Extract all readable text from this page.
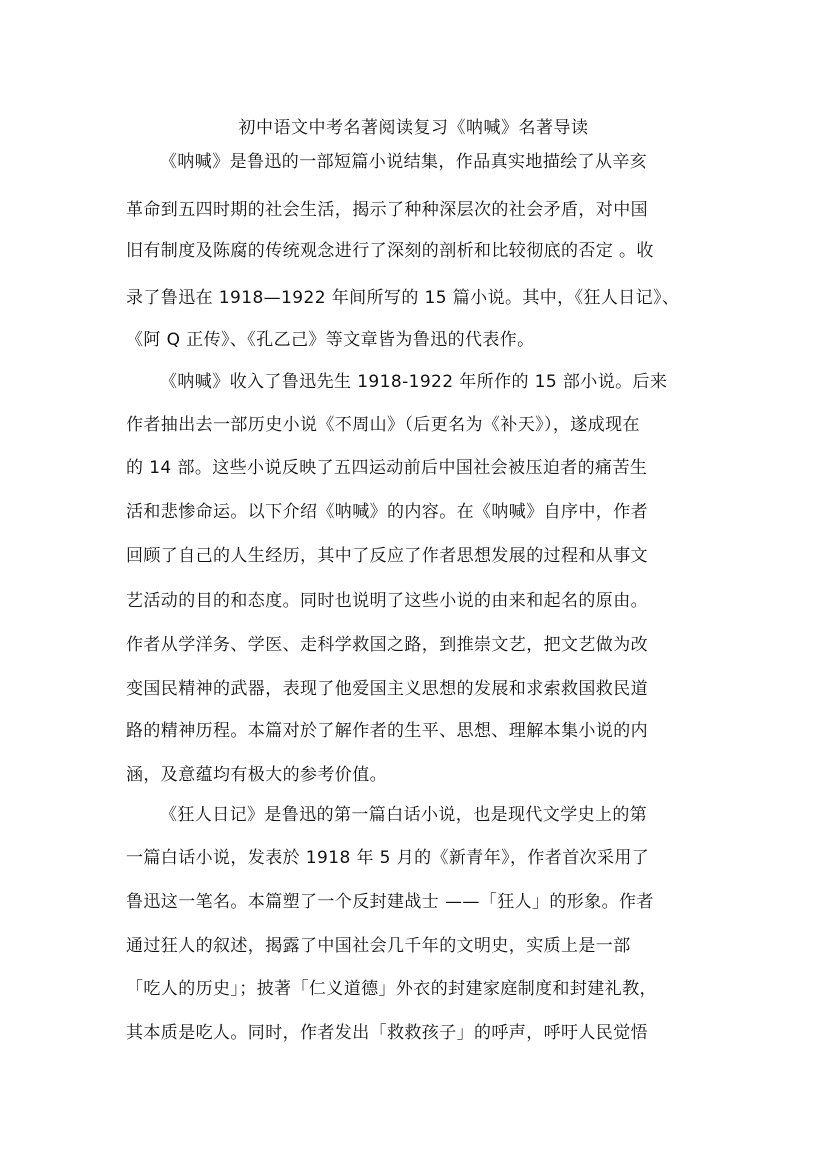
初中语文中考名著阅读复习《呐喊》名著导读
《呐喊》是鲁迅的一部短篇小说结集，作品真实地描绘了从辛亥
革命到五四时期的社会生活，揭示了种种深层次的社会矛盾，对中国
旧有制度及陈腐的传统观念进行了深刻的剖析和比较彻底的否定 。收
录了鲁迅在 1918—1922 年间所写的 15 篇小说。其中，《狂人日记》、
《阿 Q 正传》、《孔乙己》等文章皆为鲁迅的代表作。
《呐喊》收入了鲁迅先生 1918-1922 年所作的 15 部小说。后来
作者抽出去一部历史小说《不周山》（后更名为《补天》），遂成现在
的 14 部。这些小说反映了五四运动前后中国社会被压迫者的痛苦生
活和悲惨命运。以下介绍《呐喊》的内容。在《呐喊》自序中，作者
回顾了自己的人生经历，其中了反应了作者思想发展的过程和从事文
艺活动的目的和态度。同时也说明了这些小说的由来和起名的原由。
作者从学洋务、学医、走科学救国之路，到推崇文艺，把文艺做为改
变国民精神的武器，表现了他爱国主义思想的发展和求索救国救民道
路的精神历程。本篇对於了解作者的生平、思想、理解本集小说的内
涵，及意蕴均有极大的参考价值。
《狂人日记》是鲁迅的第一篇白话小说，也是现代文学史上的第
一篇白话小说，发表於 1918 年 5 月的《新青年》，作者首次采用了
鲁迅这一笔名。本篇塑了一个反封建战士 ——「狂人」的形象。作者
通过狂人的叙述，揭露了中国社会几千年的文明史，实质上是一部
「吃人的历史」；披著「仁义道德」外衣的封建家庭制度和封建礼教，
其本质是吃人。同时，作者发出「救救孩子」的呼声，呼吁人民觉悟
